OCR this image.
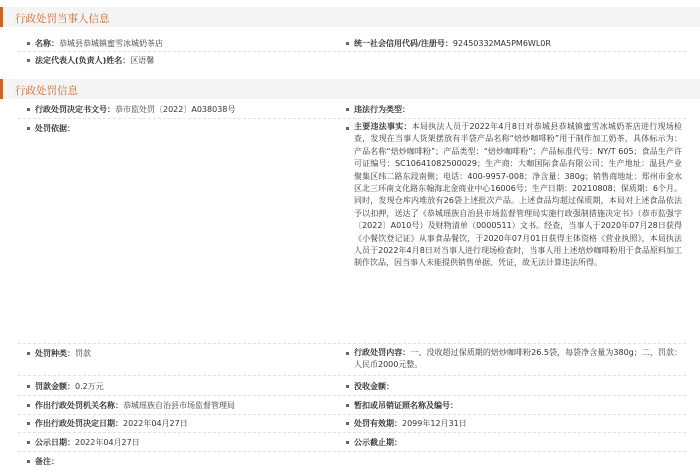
行政处罚当事人信息
名称：恭城县恭城镇蜜雪冰城奶茶店	统一社会信用代码/注册号：92450332MA5PM6WL0R
法定代表人(负责人)姓名：区语馨
行政处罚信息
行政处罚决定书文号：恭市监处罚〔2022〕A038038号	违法行为类型：
处罚依据：	主要违法事实：本局执法人员于2022年4月8日对恭城县恭城镇蜜雪冰城奶茶店进行现场检查，发现在当事人货架摆放有半袋产品名称“焙炒咖啡粉”用于制作加工奶茶，具体标示为：产品名称“焙炒咖啡粉”；产品类型：“焙炒咖啡粉”；产品标准代号：NY/T 605；食品生产许可证编号：SC10641082500029；生产商：大咖国际食品有限公司；生产地址：温县产业聚集区纬二路东段南侧；电话：400-9957-008；净含量：380g；销售商地址：郑州市金水区北三环南文化路东翰海北金商业中心16006号；生产日期：20210808；保质期：6个月。同时，发现仓库内堆放有26袋上述批次产品。上述食品均超过保质期，本局对上述食品依法予以扣押，送达了《恭城瑶族自治县市场监督管理局实施行政强制措施决定书》（恭市监强字〔2022〕A010号）及财物清单（0000511）文书。经查，当事人于2020年07月28日获得《小餐饮登记证》从事食品餐饮，于2020年07月01日获得主体资格《营业执照》，本局执法人员于2022年4月8日对当事人进行现场检查时，当事人用上述焙炒咖啡粉用于食品原料加工制作饮品，因当事人未能提供销售单据、凭证，故无法计算违法所得。
处罚种类：罚款	行政处罚内容：一、没收超过保质期的焙炒咖啡粉26.5袋，每袋净含量为380g；二、罚款：人民币2000元整。
罚款金额：0.2万元	没收金额：
作出行政处罚机关名称：恭城瑶族自治县市场监督管理局	暂扣或吊销证照名称及编号：
作出行政处罚决定日期：2022年04月27日	处罚有效期：2099年12月31日
公示日期：2022年04月27日	公示截止期：
备注：
